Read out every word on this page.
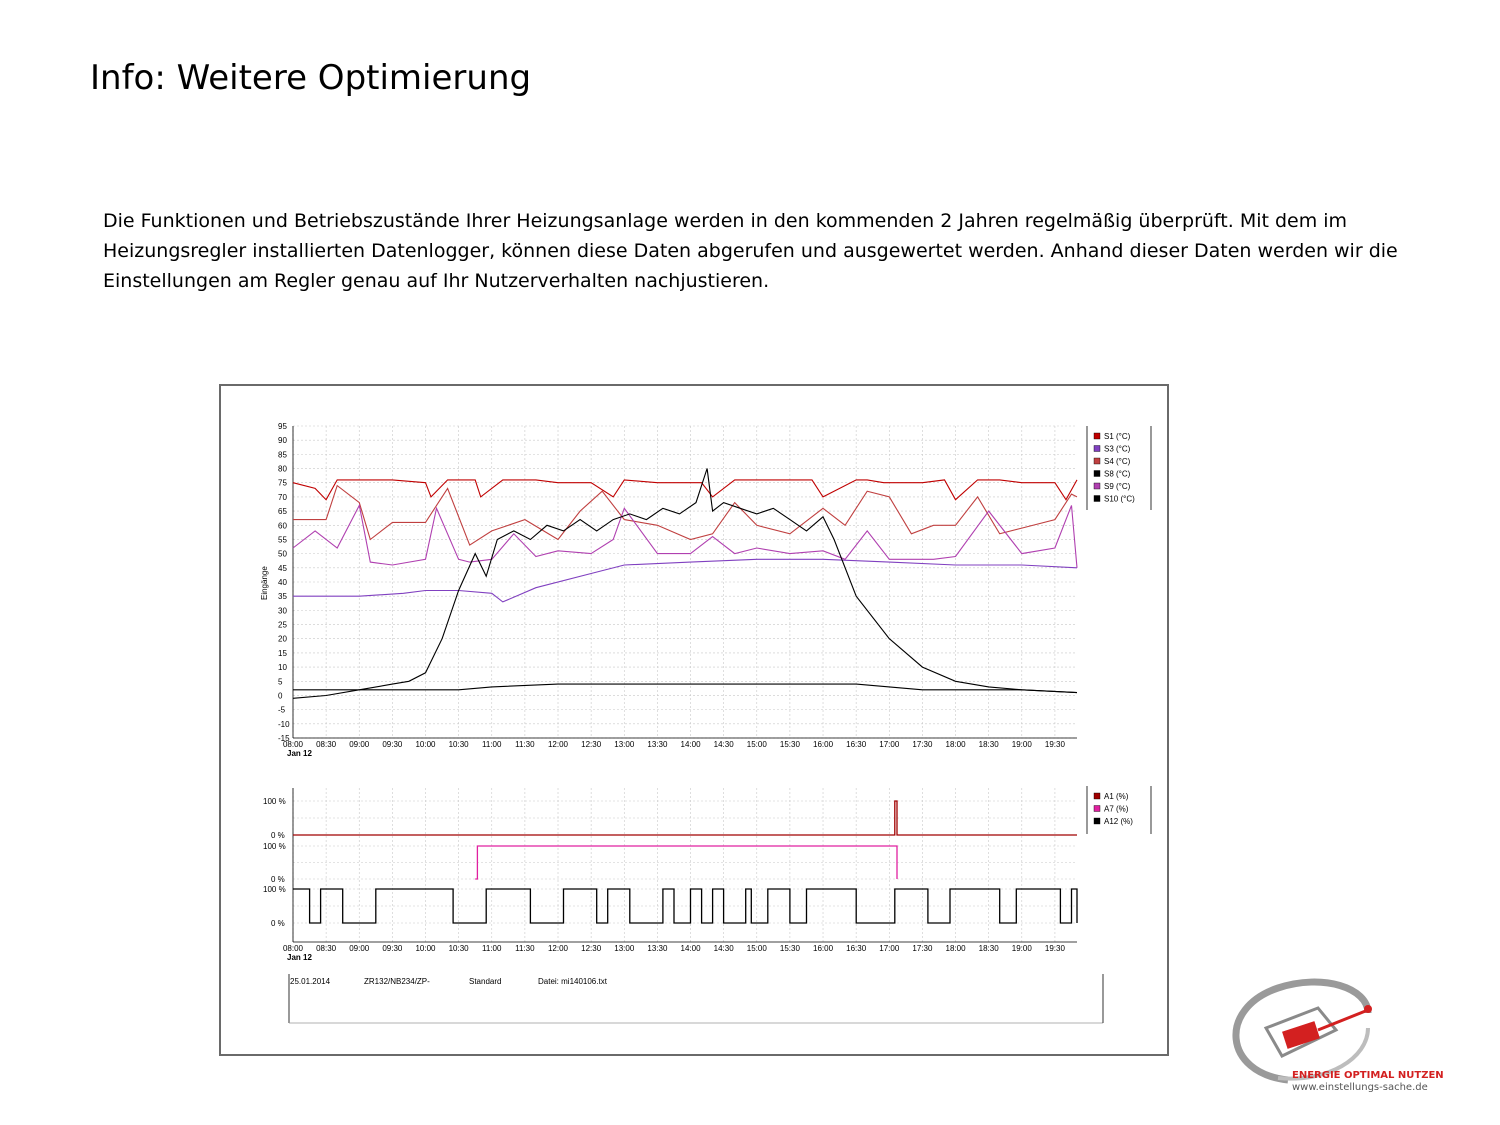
Info: Weitere Optimierung

Die Funktionen und Betriebszustände Ihrer Heizungsanlage werden in den kommenden 2 Jahren regelmäßig überprüft. Mit dem im Heizungsregler installierten Datenlogger, können diese Daten abgerufen und ausgewertet werden. Anhand dieser Daten werden wir die Einstellungen am Regler genau auf Ihr Nutzerverhalten nachjustieren.

95
90
85
80
75
70
65
60
55
50
45
40
35
30
25
20
15
10
5
0
-5
-10
-15
08:00 08:30 09:00 09:30 10:00 10:30 11:00 11:30 12:00 12:30 13:00 13:30 14:00 14:30 15:00 15:30 16:00 16:30 17:00 17:30 18:00 18:30 19:00 19:30
Jan 12
Eingänge
S1 (°C)
S3 (°C)
S4 (°C)
S8 (°C)
S9 (°C)
S10 (°C)
08:00 08:30 09:00 09:30 10:00 10:30 11:00 11:30 12:00 12:30 13:00 13:30 14:00 14:30 15:00 15:30 16:00 16:30 17:00 17:30 18:00 18:30 19:00 19:30
100 %
0 %
100 %
0 %
100 %
0 %
Jan 12
A1 (%)
A7 (%)
A12 (%)
25.01.2014	ZR132/NB234/ZP-	Standard	Datei: mi140106.txt
ENERGIE OPTIMAL NUTZEN
www.einstellungs-sache.de
